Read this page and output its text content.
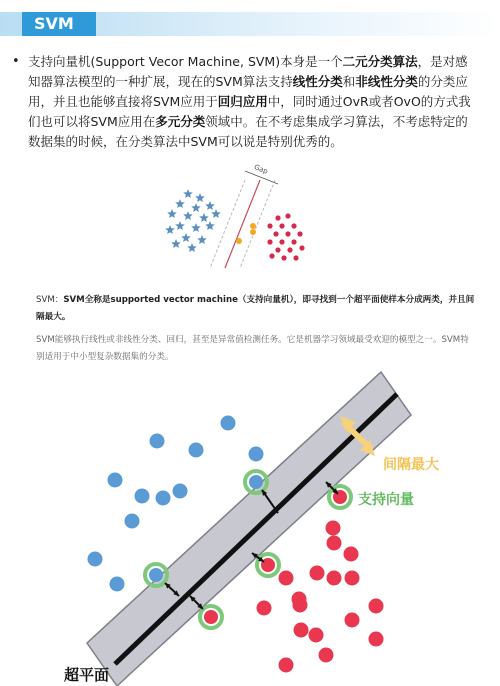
SVM
• 支持向量机(Support Vecor Machine, SVM)本身是一个二元分类算法，是对感知器算法模型的一种扩展，现在的SVM算法支持线性分类和非线性分类的分类应用，并且也能够直接将SVM应用于回归应用中，同时通过OvR或者OvO的方式我们也可以将SVM应用在多元分类领域中。在不考虑集成学习算法，不考虑特定的数据集的时候，在分类算法中SVM可以说是特别优秀的。
Gap
SVM：SVM全称是supported vector machine（支持向量机），即寻找到一个超平面使样本分成两类，并且间隔最大。
SVM能够执行线性或非线性分类、回归，甚至是异常值检测任务。它是机器学习领域最受欢迎的模型之一。SVM特别适用于中小型复杂数据集的分类。
间隔最大
支持向量
超平面
